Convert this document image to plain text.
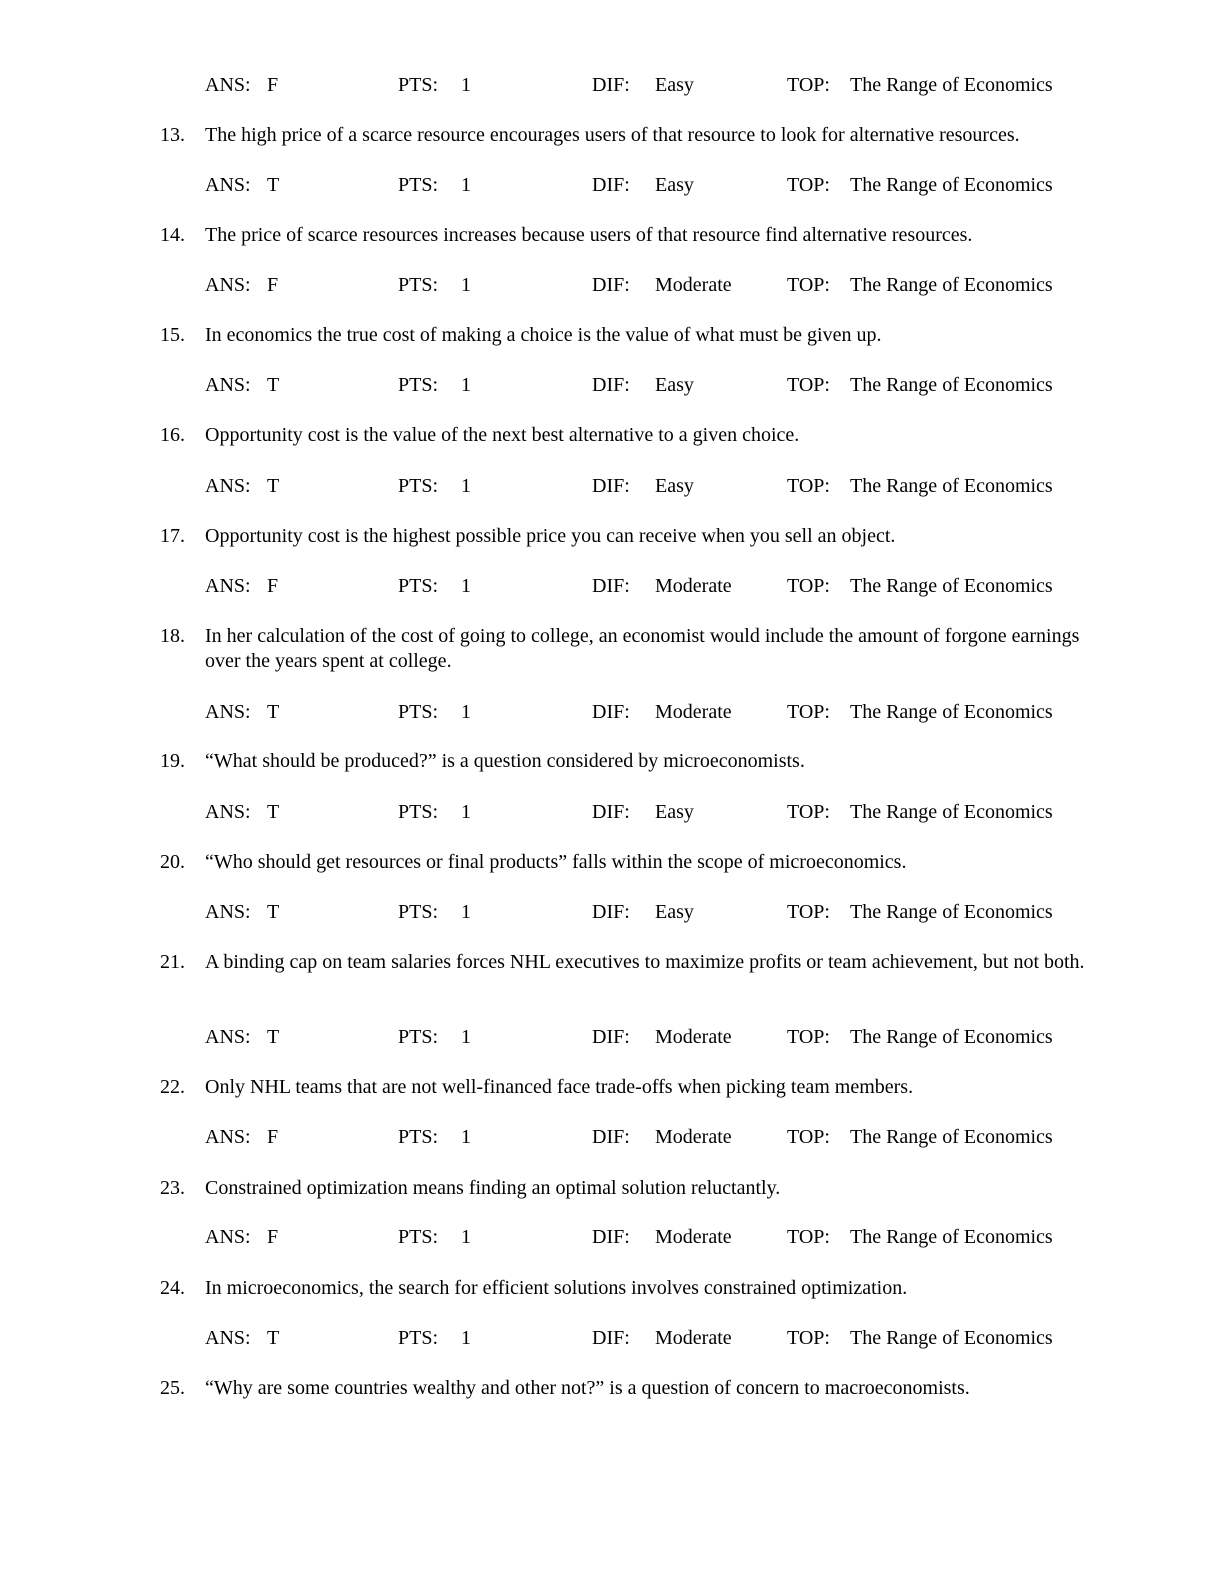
ANS: F	PTS: 1	DIF: Easy	TOP: The Range of Economics
13. The high price of a scarce resource encourages users of that resource to look for alternative resources.
ANS: T	PTS: 1	DIF: Easy	TOP: The Range of Economics
14. The price of scarce resources increases because users of that resource find alternative resources.
ANS: F	PTS: 1	DIF: Moderate	TOP: The Range of Economics
15. In economics the true cost of making a choice is the value of what must be given up.
ANS: T	PTS: 1	DIF: Easy	TOP: The Range of Economics
16. Opportunity cost is the value of the next best alternative to a given choice.
ANS: T	PTS: 1	DIF: Easy	TOP: The Range of Economics
17. Opportunity cost is the highest possible price you can receive when you sell an object.
ANS: F	PTS: 1	DIF: Moderate	TOP: The Range of Economics
18. In her calculation of the cost of going to college, an economist would include the amount of forgone earnings over the years spent at college.
ANS: T	PTS: 1	DIF: Moderate	TOP: The Range of Economics
19. “What should be produced?” is a question considered by microeconomists.
ANS: T	PTS: 1	DIF: Easy	TOP: The Range of Economics
20. “Who should get resources or final products” falls within the scope of microeconomics.
ANS: T	PTS: 1	DIF: Easy	TOP: The Range of Economics
21. A binding cap on team salaries forces NHL executives to maximize profits or team achievement, but not both.
ANS: T	PTS: 1	DIF: Moderate	TOP: The Range of Economics
22. Only NHL teams that are not well-financed face trade-offs when picking team members.
ANS: F	PTS: 1	DIF: Moderate	TOP: The Range of Economics
23. Constrained optimization means finding an optimal solution reluctantly.
ANS: F	PTS: 1	DIF: Moderate	TOP: The Range of Economics
24. In microeconomics, the search for efficient solutions involves constrained optimization.
ANS: T	PTS: 1	DIF: Moderate	TOP: The Range of Economics
25. “Why are some countries wealthy and other not?” is a question of concern to macroeconomists.
